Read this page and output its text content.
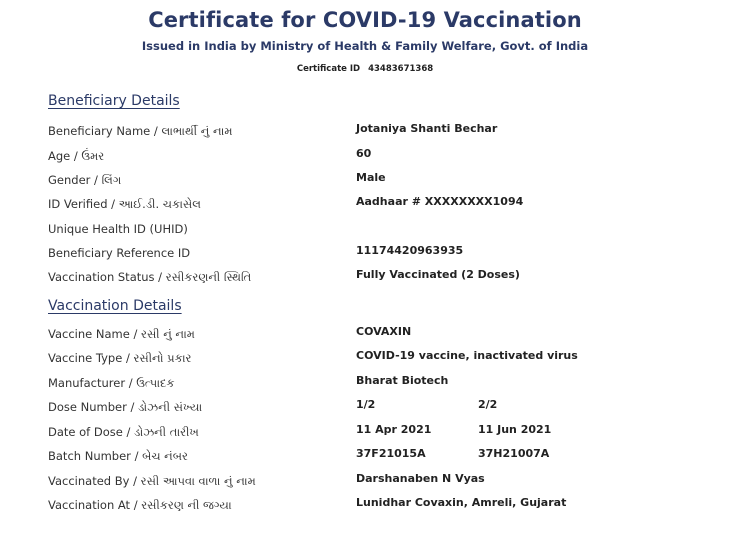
Certificate for COVID-19 Vaccination
Issued in India by Ministry of Health & Family Welfare, Govt. of India
Certificate ID 43483671368
Beneficiary Details
Beneficiary Name / લાભાર્થી નું નામ	Jotaniya Shanti Bechar
Age / ઉંમર	60
Gender / લિંગ	Male
ID Verified / આઈ.ડી. ચકાસેલ	Aadhaar # XXXXXXXX1094
Unique Health ID (UHID)
Beneficiary Reference ID	11174420963935
Vaccination Status / રસીકરણની સ્થિતિ	Fully Vaccinated (2 Doses)
Vaccination Details
Vaccine Name / રસી નું નામ	COVAXIN
Vaccine Type / રસીનો પ્રકાર	COVID-19 vaccine, inactivated virus
Manufacturer / ઉત્પાદક	Bharat Biotech
Dose Number / ડોઝની સંખ્યા	1/2	2/2
Date of Dose / ડોઝની તારીખ	11 Apr 2021	11 Jun 2021
Batch Number / બેચ નંબર	37F21015A	37H21007A
Vaccinated By / રસી આપવા વાળા નું નામ	Darshanaben N Vyas
Vaccination At / રસીકરણ ની જગ્યા	Lunidhar Covaxin, Amreli, Gujarat
